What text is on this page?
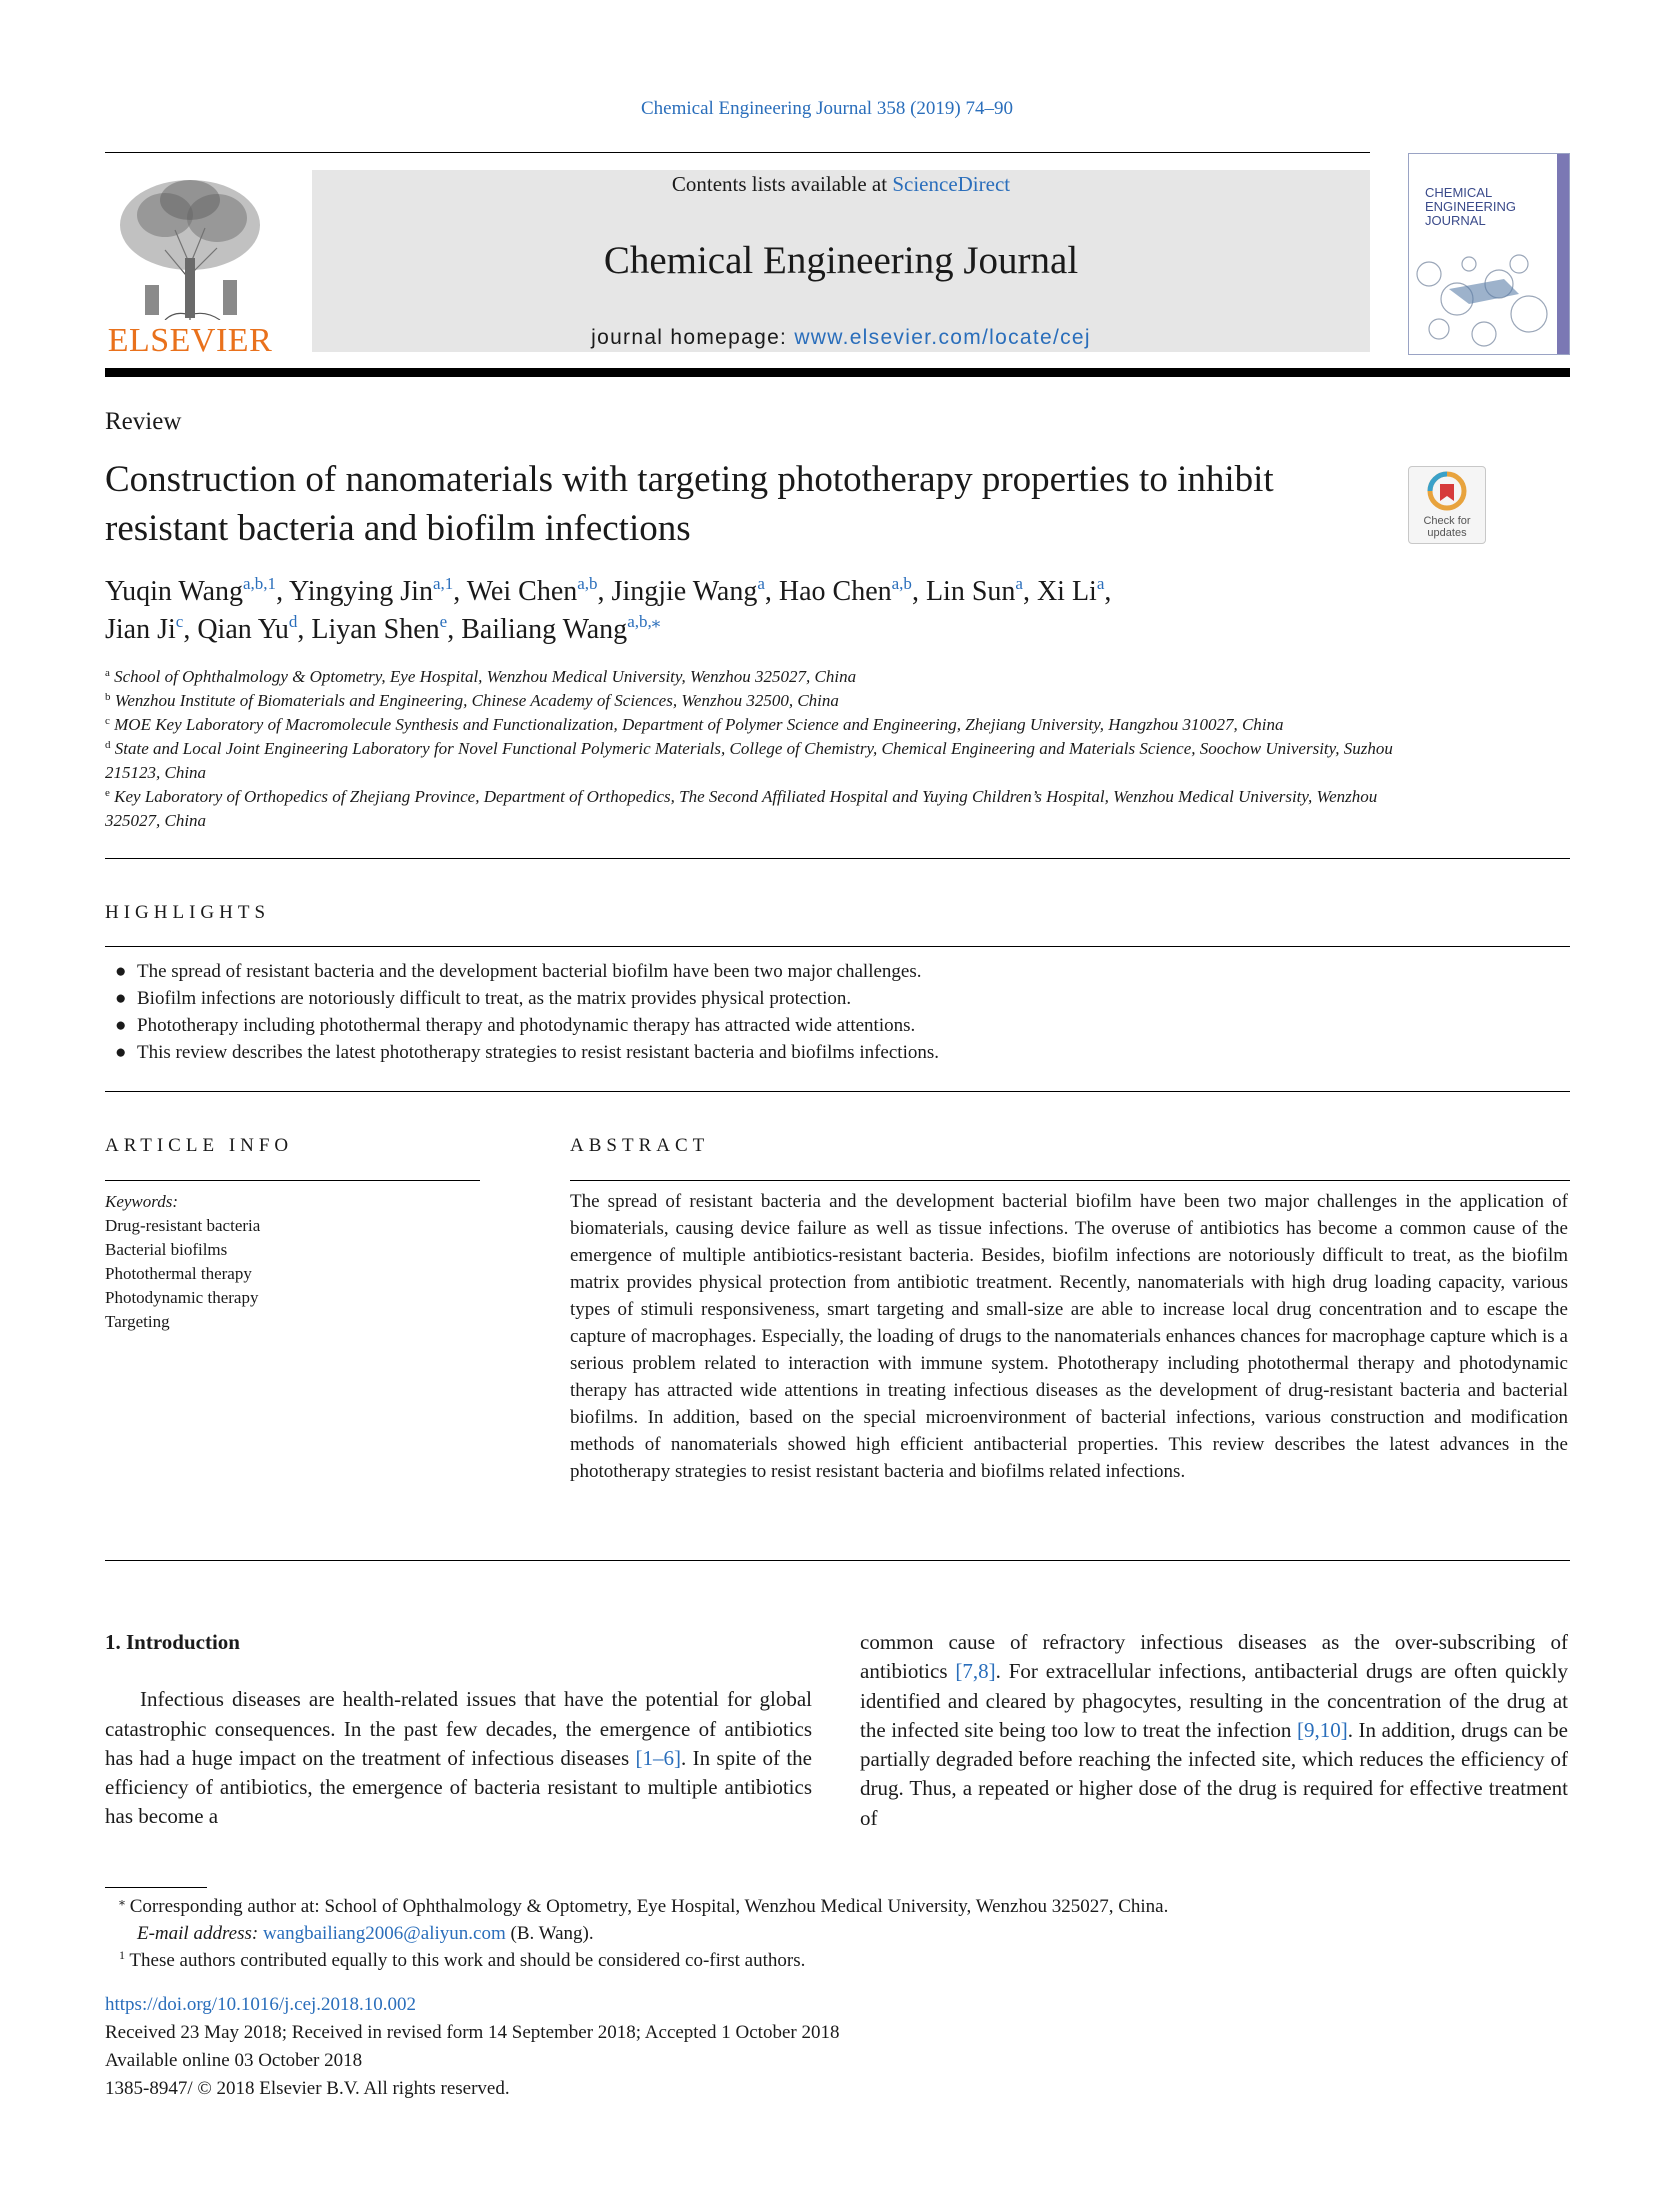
Chemical Engineering Journal 358 (2019) 74–90
ELSEVIER
Contents lists available at ScienceDirect
Chemical Engineering Journal
journal homepage: www.elsevier.com/locate/cej
CHEMICAL
ENGINEERING
JOURNAL
Review
Construction of nanomaterials with targeting phototherapy properties to inhibit resistant bacteria and biofilm infections	Check for
updates
Yuqin Wang$^{a,b,1}$, Yingying Jin$^{a,1}$, Wei Chen$^{a,b}$, Jingjie Wang$^a$, Hao Chen$^{a,b}$, Lin Sun$^a$, Xi Li$^a$,
Jian Ji$^c$, Qian Yu$^d$, Liyan Shen$^e$, Bailiang Wang$^{a,b,⁎}$
$^a$ School of Ophthalmology & Optometry, Eye Hospital, Wenzhou Medical University, Wenzhou 325027, China
$^b$ Wenzhou Institute of Biomaterials and Engineering, Chinese Academy of Sciences, Wenzhou 32500, China
$^c$ MOE Key Laboratory of Macromolecule Synthesis and Functionalization, Department of Polymer Science and Engineering, Zhejiang University, Hangzhou 310027, China
$^d$ State and Local Joint Engineering Laboratory for Novel Functional Polymeric Materials, College of Chemistry, Chemical Engineering and Materials Science, Soochow University, Suzhou 215123, China
$^e$ Key Laboratory of Orthopedics of Zhejiang Province, Department of Orthopedics, The Second Affiliated Hospital and Yuying Children’s Hospital, Wenzhou Medical University, Wenzhou 325027, China
HIGHLIGHTS
● The spread of resistant bacteria and the development bacterial biofilm have been two major challenges.
● Biofilm infections are notoriously difficult to treat, as the matrix provides physical protection.
● Phototherapy including photothermal therapy and photodynamic therapy has attracted wide attentions.
● This review describes the latest phototherapy strategies to resist resistant bacteria and biofilms infections.
ARTICLE INFO
Keywords:
Drug-resistant bacteria
Bacterial biofilms
Photothermal therapy
Photodynamic therapy
Targeting
ABSTRACT
The spread of resistant bacteria and the development bacterial biofilm have been two major challenges in the application of biomaterials, causing device failure as well as tissue infections. The overuse of antibiotics has become a common cause of the emergence of multiple antibiotics-resistant bacteria. Besides, biofilm infections are notoriously difficult to treat, as the biofilm matrix provides physical protection from antibiotic treatment. Recently, nanomaterials with high drug loading capacity, various types of stimuli responsiveness, smart targeting and small-size are able to increase local drug concentration and to escape the capture of macrophages. Especially, the loading of drugs to the nanomaterials enhances chances for macrophage capture which is a serious problem related to interaction with immune system. Phototherapy including photothermal therapy and photodynamic therapy has attracted wide attentions in treating infectious diseases as the development of drug-resistant bacteria and bacterial biofilms. In addition, based on the special microenvironment of bacterial infections, various construction and modification methods of nanomaterials showed high efficient antibacterial properties. This review describes the latest advances in the phototherapy strategies to resist resistant bacteria and biofilms related infections.
1. Introduction
Infectious diseases are health-related issues that have the potential for global catastrophic consequences. In the past few decades, the emergence of antibiotics has had a huge impact on the treatment of infectious diseases [1–6]. In spite of the efficiency of antibiotics, the emergence of bacteria resistant to multiple antibiotics has become a
common cause of refractory infectious diseases as the over-subscribing of antibiotics [7,8]. For extracellular infections, antibacterial drugs are often quickly identified and cleared by phagocytes, resulting in the concentration of the drug at the infected site being too low to treat the infection [9,10]. In addition, drugs can be partially degraded before reaching the infected site, which reduces the efficiency of drug. Thus, a repeated or higher dose of the drug is required for effective treatment of
⁎ Corresponding author at: School of Ophthalmology & Optometry, Eye Hospital, Wenzhou Medical University, Wenzhou 325027, China.
E-mail address: wangbailiang2006@aliyun.com (B. Wang).
$^1$ These authors contributed equally to this work and should be considered co-first authors.
https://doi.org/10.1016/j.cej.2018.10.002
Received 23 May 2018; Received in revised form 14 September 2018; Accepted 1 October 2018
Available online 03 October 2018
1385-8947/ © 2018 Elsevier B.V. All rights reserved.
